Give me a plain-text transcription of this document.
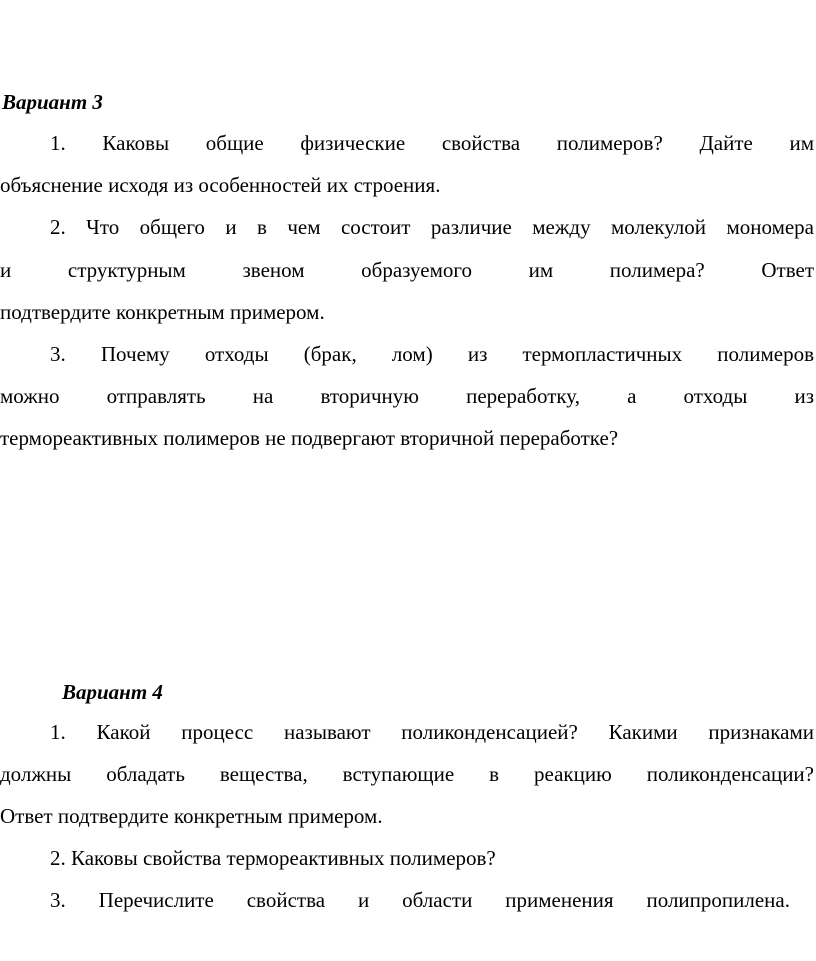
Вариант 3
1. Каковы общие физические свойства полимеров? Дайте им
объяснение исходя из особенностей их строения.
2. Что общего и в чем состоит различие между молекулой мономера
и структурным звеном образуемого им полимера? Ответ
подтвердите конкретным примером.
3. Почему отходы (брак, лом) из термопластичных полимеров
можно отправлять на вторичную переработку, а отходы из
термореактивных полимеров не подвергают вторичной переработке?
Вариант 4
1. Какой процесс называют поликонденсацией? Какими признаками
должны обладать вещества, вступающие в реакцию поликонденсации?
Ответ подтвердите конкретным примером.
2. Каковы свойства термореактивных полимеров?
3. Перечислите свойства и области применения полипропилена.
